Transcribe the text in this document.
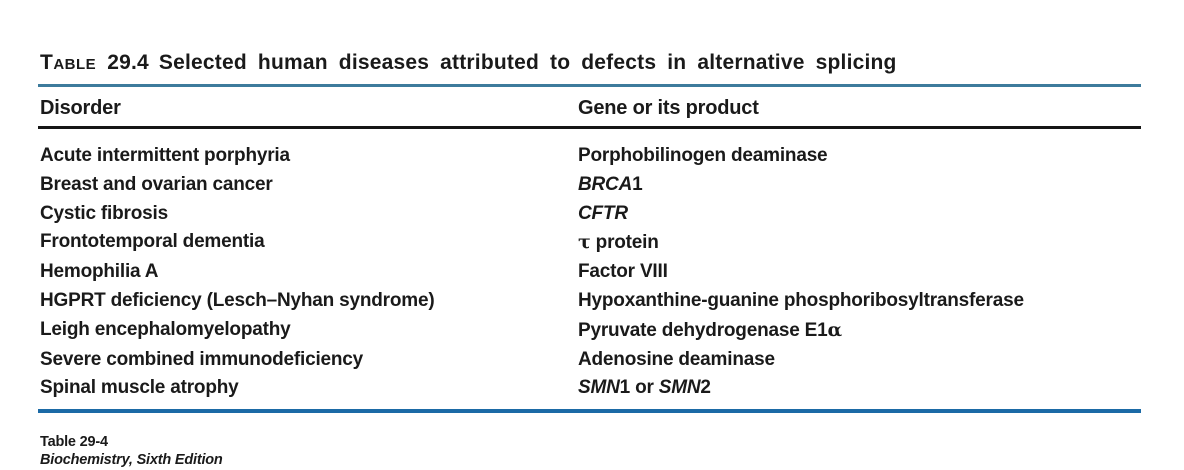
Table 29.4 Selected human diseases attributed to defects in alternative splicing
Disorder	Gene or its product
Acute intermittent porphyria	Porphobilinogen deaminase
Breast and ovarian cancer	BRCA1
Cystic fibrosis	CFTR
Frontotemporal dementia	τ protein
Hemophilia A	Factor VIII
HGPRT deficiency (Lesch–Nyhan syndrome)	Hypoxanthine-guanine phosphoribosyltransferase
Leigh encephalomyelopathy	Pyruvate dehydrogenase E1α
Severe combined immunodeficiency	Adenosine deaminase
Spinal muscle atrophy	SMN1 or SMN2
Table 29-4
Biochemistry, Sixth Edition
